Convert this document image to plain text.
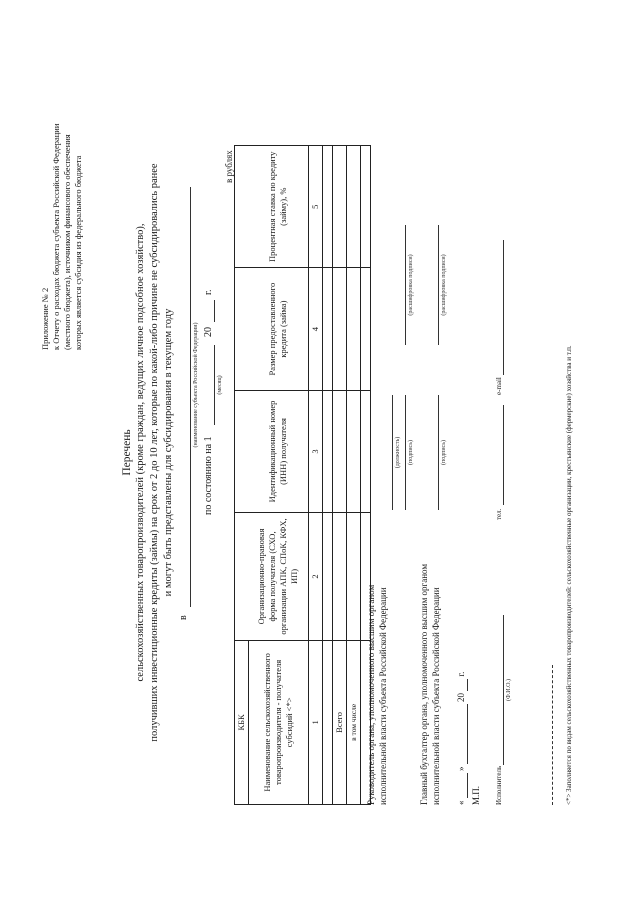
Приложение № 2 к Отчету о расходах бюджета субъекта Российской Федерации (местного бюджета), источником финансового обеспечения которых является субсидия из федерального бюджета
Перечень сельскохозяйственных товаропроизводителей (кроме граждан, ведущих личное подсобное хозяйство), получивших инвестиционные кредиты (займы) на срок от 2 до 10 лет, которые по какой-либо причине не субсидировались ранее и могут быть представлены для субсидирования в текущем году
в
(наименование субъекта Российской Федерации)
по состоянию на 1
20
г.
(месяц)
в рублях
КБК				
Наименование сельскохозяйственного товаропроизводителя - получателя субсидий <*>	Организационно-правовая форма получателя (СХО, организации АПК, СПоК, КФХ, ИП)	Идентификационный номер (ИНН) получателя	Размер предоставленного кредита (займа)	Процентная ставка по кредиту (займу), %
1	2	3	4	5

Всего				
в том числе				
				Руководитель органа, уполномоченного высшим органом исполнительной власти субъекта Российской Федерации
(должность) (подпись)
(расшифровка подписи)
Главный бухгалтер органа, уполномоченного высшим органом исполнительной власти субъекта Российской Федерации
(подпись)
(расшифровка подписи)
«   »   20   г.
М.П. Исполнитель
(Ф.И.О.)
тел.
e-mail	<*> Заполняется по видам сельскохозяйственных товаропроизводителей: сельскохозяйственные организации, крестьянские (фермерские) хозяйства и т.п.
